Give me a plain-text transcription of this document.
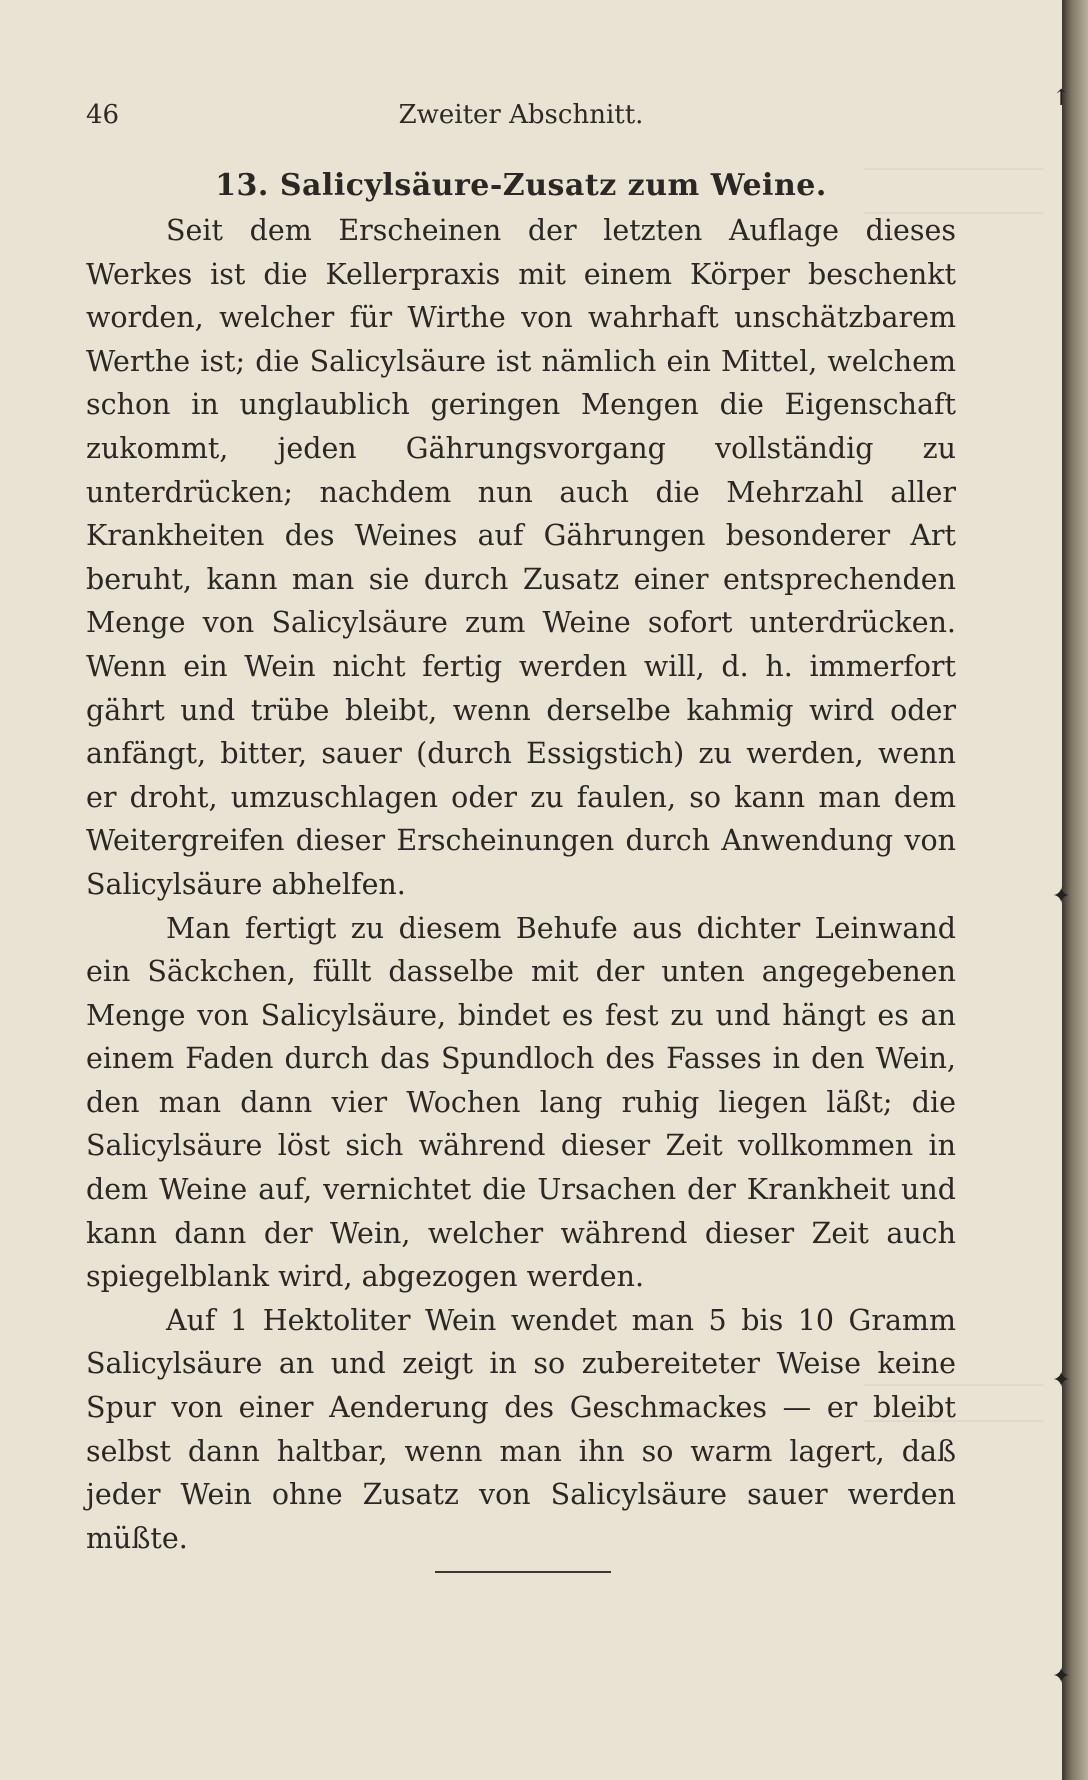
46	Zweiter Abschnitt.
13. Salicylsäure-Zusatz zum Weine.

Seit dem Erscheinen der letzten Auflage dieses Werkes ist die Kellerpraxis mit einem Körper beschenkt worden, welcher für Wirthe von wahrhaft unschätzbarem Werthe ist; die Salicylsäure ist nämlich ein Mittel, welchem schon in unglaublich geringen Mengen die Eigenschaft zukommt, jeden Gährungsvorgang vollständig zu unterdrücken; nachdem nun auch die Mehrzahl aller Krankheiten des Weines auf Gährungen besonderer Art beruht, kann man sie durch Zusatz einer entsprechenden Menge von Salicylsäure zum Weine sofort unterdrücken. Wenn ein Wein nicht fertig werden will, d. h. immerfort gährt und trübe bleibt, wenn derselbe kahmig wird oder anfängt, bitter, sauer (durch Essigstich) zu werden, wenn er droht, umzuschlagen oder zu faulen, so kann man dem Weitergreifen dieser Erscheinungen durch Anwendung von Salicylsäure abhelfen.

Man fertigt zu diesem Behufe aus dichter Leinwand ein Säckchen, füllt dasselbe mit der unten angegebenen Menge von Salicylsäure, bindet es fest zu und hängt es an einem Faden durch das Spundloch des Fasses in den Wein, den man dann vier Wochen lang ruhig liegen läßt; die Salicylsäure löst sich während dieser Zeit vollkommen in dem Weine auf, vernichtet die Ursachen der Krankheit und kann dann der Wein, welcher während dieser Zeit auch spiegelblank wird, abgezogen werden.

Auf 1 Hektoliter Wein wendet man 5 bis 10 Gramm Salicylsäure an und zeigt in so zubereiteter Weise keine Spur von einer Aenderung des Geschmackes — er bleibt selbst dann haltbar, wenn man ihn so warm lagert, daß jeder Wein ohne Zusatz von Salicylsäure sauer werden müßte.

↑
✦
✦
✦
